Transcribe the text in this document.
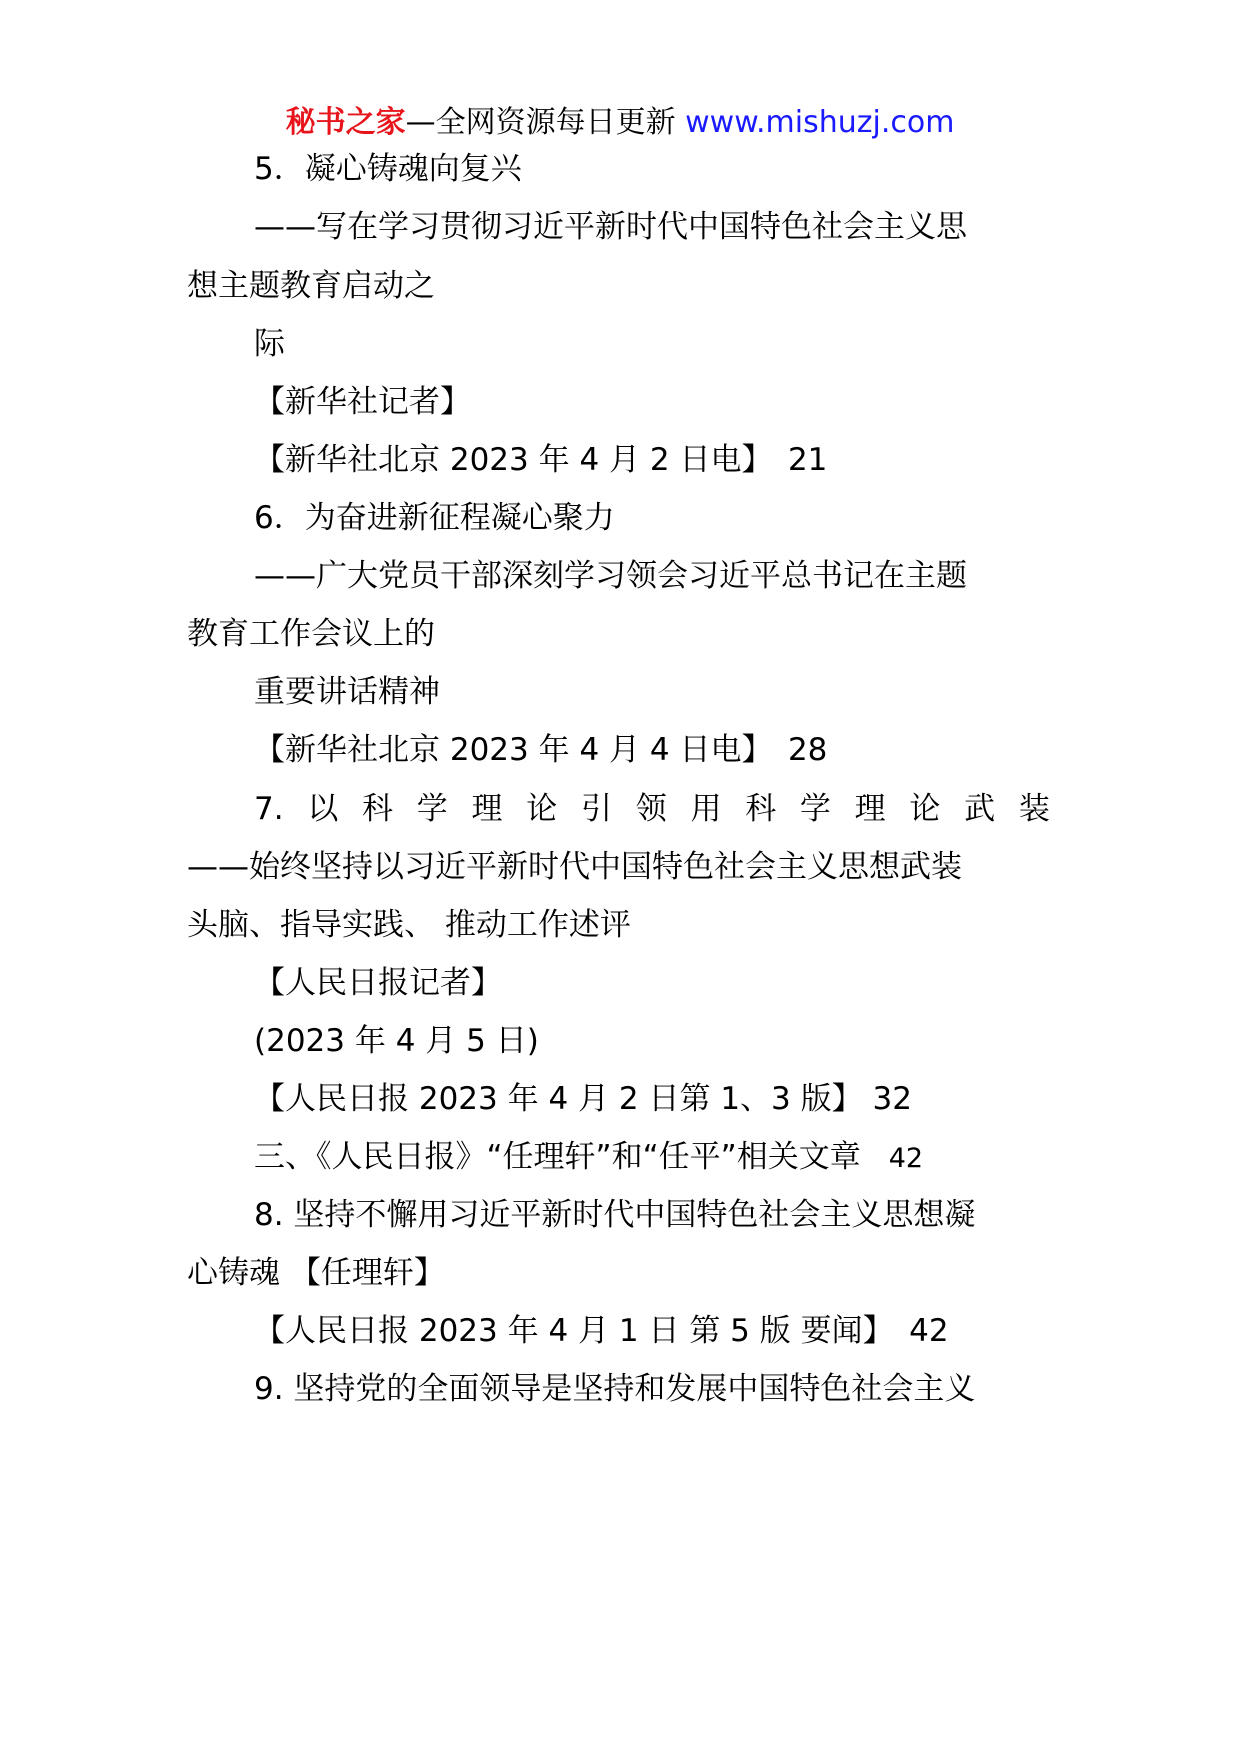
秘书之家—全网资源每日更新 www.mishuzj.com
5．凝心铸魂向复兴
——写在学习贯彻习近平新时代中国特色社会主义思
想主题教育启动之
际
【新华社记者】
【新华社北京 2023 年 4 月 2 日电】　21
6．为奋进新征程凝心聚力
——广大党员干部深刻学习领会习近平总书记在主题
教育工作会议上的
重要讲话精神
【新华社北京 2023 年 4 月 4 日电】　28
7. 以 科 学 理 论 引 领 用 科 学 理 论 武 装
——始终坚持以习近平新时代中国特色社会主义思想武装
头脑、指导实践、 推动工作述评
【人民日报记者】
(2023 年 4 月 5 日)
【人民日报 2023 年 4 月 2 日第 1、3 版】 32
三、《人民日报》“任理轩”和“任平”相关文章 42
8. 坚持不懈用习近平新时代中国特色社会主义思想凝
心铸魂 【任理轩】
【人民日报 2023 年 4 月 1 日 第 5 版 要闻】　42
9. 坚持党的全面领导是坚持和发展中国特色社会主义
